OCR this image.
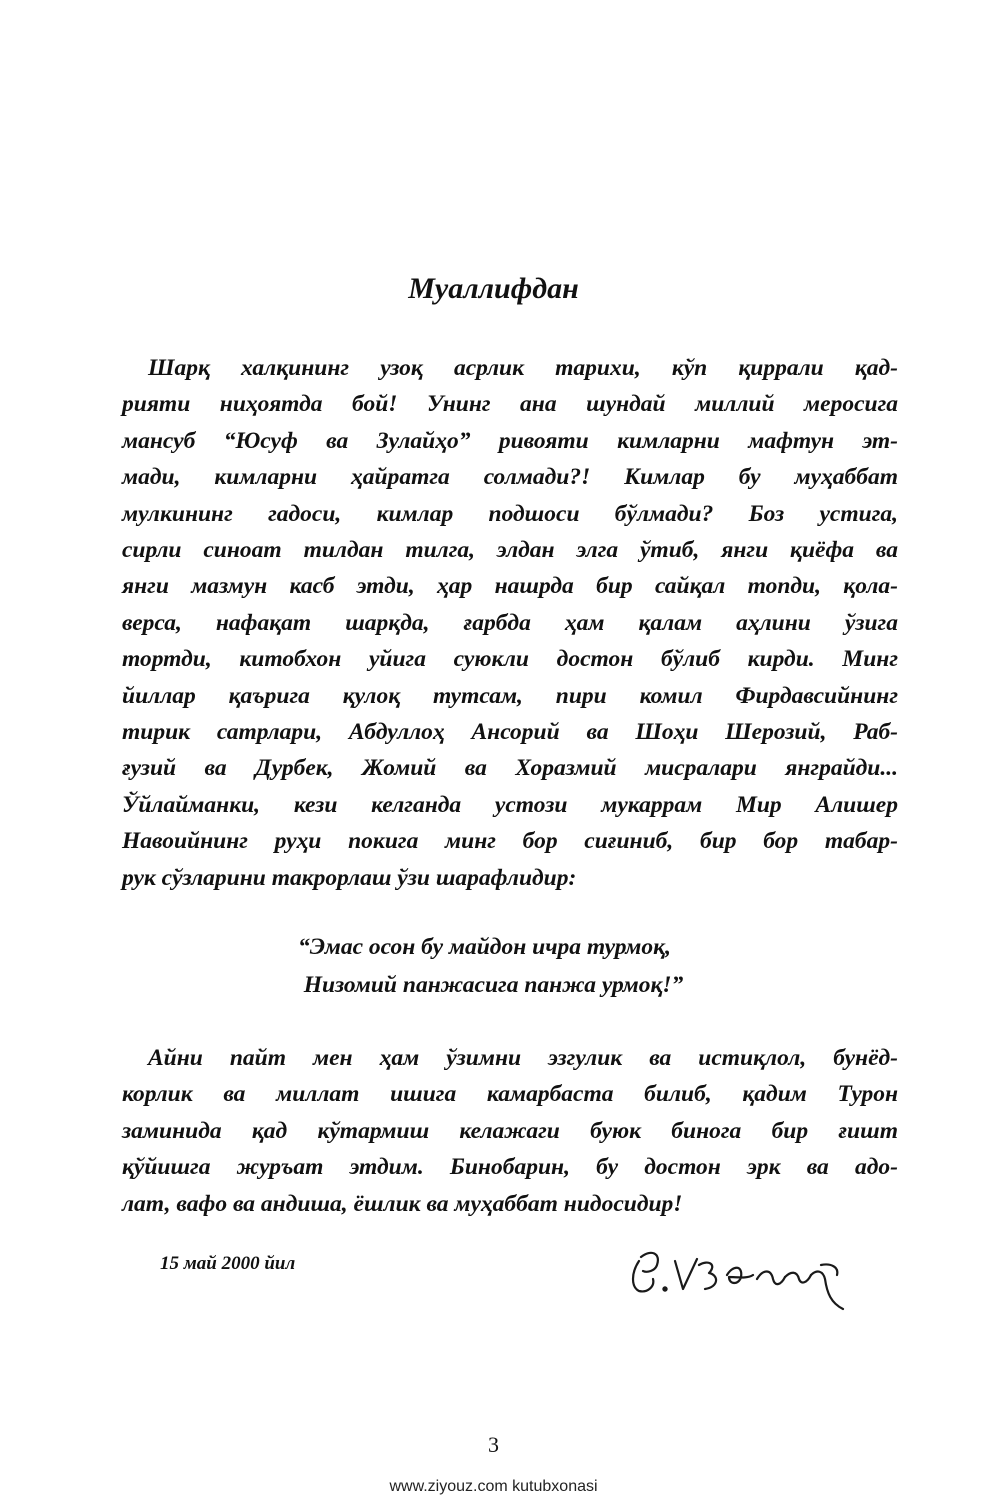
Муаллифдан
Шарқ халқининг узоқ асрлик тарихи, кўп қиррали қад-
рияти ниҳоятда бой! Унинг ана шундай миллий меросига
мансуб “Юсуф ва Зулайҳо” ривояти кимларни мафтун эт-
мади, кимларни ҳайратга солмади?! Кимлар бу муҳаббат
мулкининг гадоси, кимлар подшоси бўлмади? Боз устига,
сирли синоат тилдан тилга, элдан элга ўтиб, янги қиёфа ва
янги мазмун касб этди, ҳар нашрда бир сайқал топди, қола-
верса, нафақат шарқда, ғарбда ҳам қалам аҳлини ўзига
тортди, китобхон уйига суюкли достон бўлиб кирди. Минг
йиллар қаърига қулоқ тутсам, пири комил Фирдавсийнинг
тирик сатрлари, Абдуллоҳ Ансорий ва Шоҳи Шерозий, Раб-
ғузий ва Дурбек, Жомий ва Хоразмий мисралари янграйди...
Ўйлайманки, кези келганда устози мукаррам Мир Алишер
Навоийнинг руҳи покига минг бор сиғиниб, бир бор табар-
рук сўзларини такрорлаш ўзи шарафлидир:
“Эмас осон бу майдон ичра турмоқ,
Низомий панжасига панжа урмоқ!”
Айни пайт мен ҳам ўзимни эзгулик ва истиқлол, бунёд-
корлик ва миллат ишига камарбаста билиб, қадим Турон
заминида қад кўтармиш келажаги буюк бинога бир ғишт
қўйишга журъат этдим. Бинобарин, бу достон эрк ва адо-
лат, вафо ва андиша, ёшлик ва муҳаббат нидосидир!

15 май 2000 йил

3

www.ziyouz.com kutubxonasi
